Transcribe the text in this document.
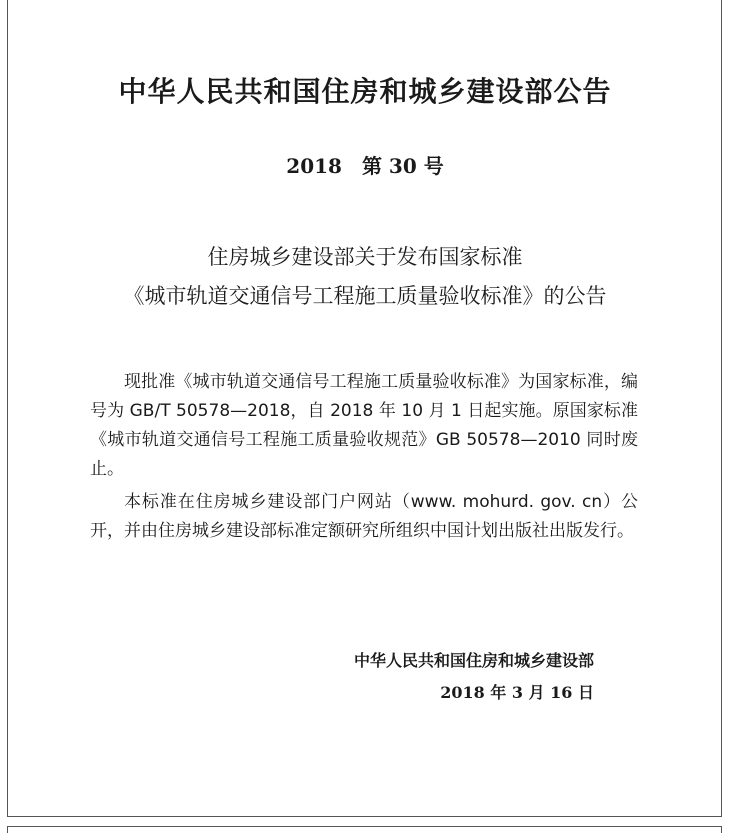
中华人民共和国住房和城乡建设部公告
2018　第 30 号
住房城乡建设部关于发布国家标准
《城市轨道交通信号工程施工质量验收标准》的公告

现批准《城市轨道交通信号工程施工质量验收标准》为国家标准，编号为 GB/T 50578—2018，自 2018 年 10 月 1 日起实施。原国家标准《城市轨道交通信号工程施工质量验收规范》GB 50578—2010 同时废止。

本标准在住房城乡建设部门户网站（www. mohurd. gov. cn）公开，并由住房城乡建设部标准定额研究所组织中国计划出版社出版发行。

中华人民共和国住房和城乡建设部
2018 年 3 月 16 日
